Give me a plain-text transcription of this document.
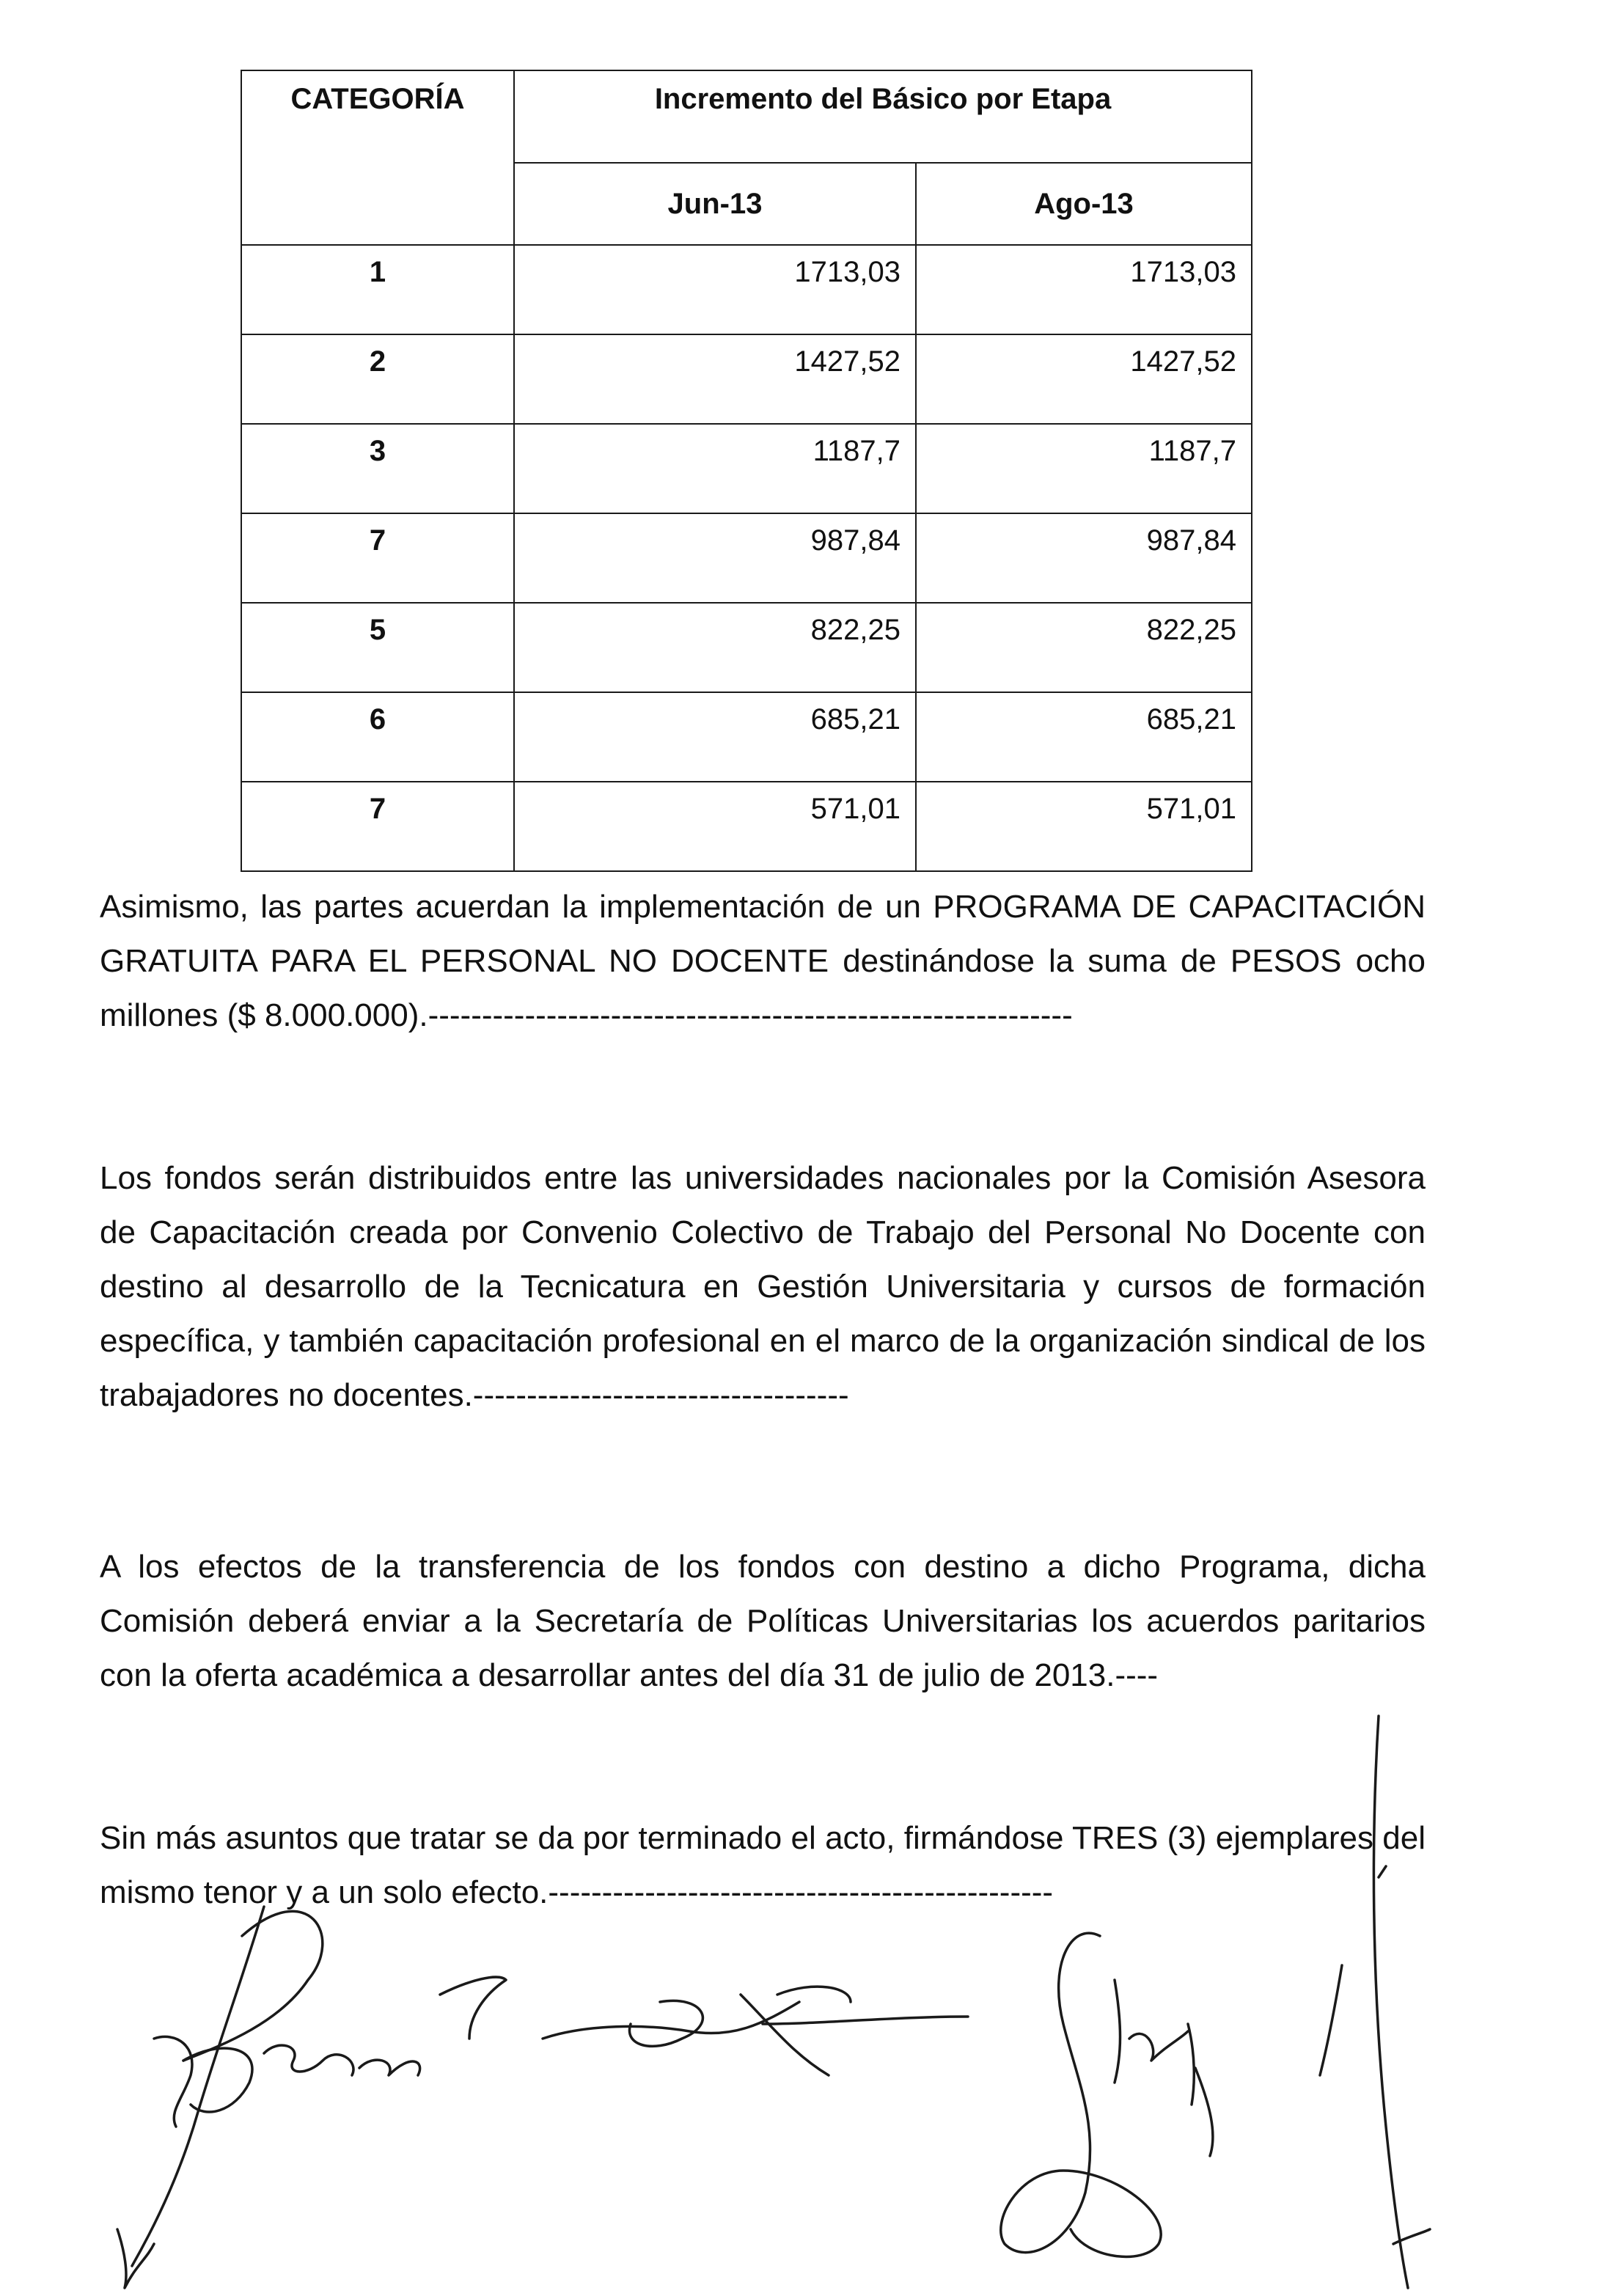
CATEGORÍA	Incremento del Básico por Etapa	
	Jun-13	Ago-13
1	1713,03	1713,03
2	1427,52	1427,52
3	1187,7	1187,7
7	987,84	987,84
5	822,25	822,25
6	685,21	685,21
7	571,01	571,01

Asimismo, las partes acuerdan la implementación de un PROGRAMA DE CAPACITACIÓN GRATUITA PARA EL PERSONAL NO DOCENTE destinándose la suma de PESOS ocho millones ($ 8.000.000).------------------------------------------------------------

Los fondos serán distribuidos entre las universidades nacionales por la Comisión Asesora de Capacitación creada por Convenio Colectivo de Trabajo del Personal No Docente con destino al desarrollo de la Tecnicatura en Gestión Universitaria y cursos de formación específica, y también capacitación profesional en el marco de la organización sindical de los trabajadores no docentes.-----------------------------------

A los efectos de la transferencia de los fondos con destino a dicho Programa, dicha Comisión deberá enviar a la Secretaría de Políticas Universitarias los acuerdos paritarios con la oferta académica a desarrollar antes del día 31 de julio de 2013.----

Sin más asuntos que tratar se da por terminado el acto, firmándose TRES (3) ejemplares del mismo tenor y a un solo efecto.-----------------------------------------------
